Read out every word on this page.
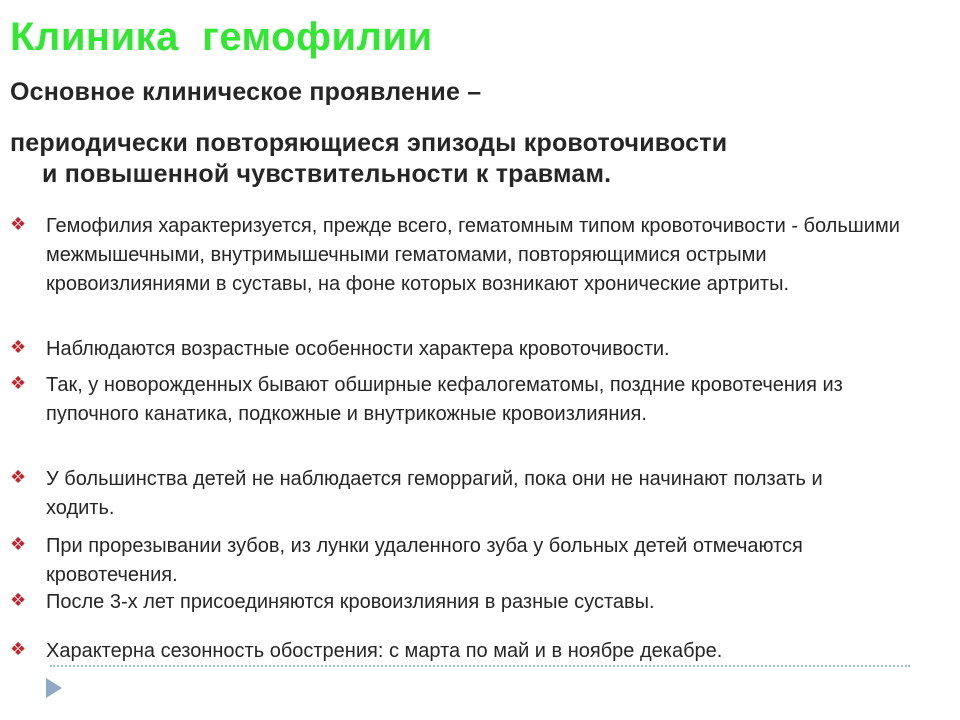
Клиника  гемофилии
Основное клиническое проявление –
периодически повторяющиеся эпизоды кровоточивости
и повышенной чувствительности к травмам.
❖ Гемофилия характеризуется, прежде всего, гематомным типом кровоточивости - большими межмышечными, внутримышечными гематомами, повторяющимися острыми кровоизлияниями в суставы, на фоне которых возникают хронические артриты.
❖ Наблюдаются возрастные особенности характера кровоточивости.
❖ Так, у новорожденных бывают обширные кефалогематомы, поздние кровотечения из пупочного канатика, подкожные и внутрикожные кровоизлияния.
❖ У большинства детей не наблюдается геморрагий, пока они не начинают ползать и ходить.
❖ При прорезывании зубов, из лунки удаленного зуба у больных детей отмечаются кровотечения.
❖ После 3-х лет присоединяются кровоизлияния в разные суставы.
❖ Характерна сезонность обострения: с марта по май и в ноябре декабре.
